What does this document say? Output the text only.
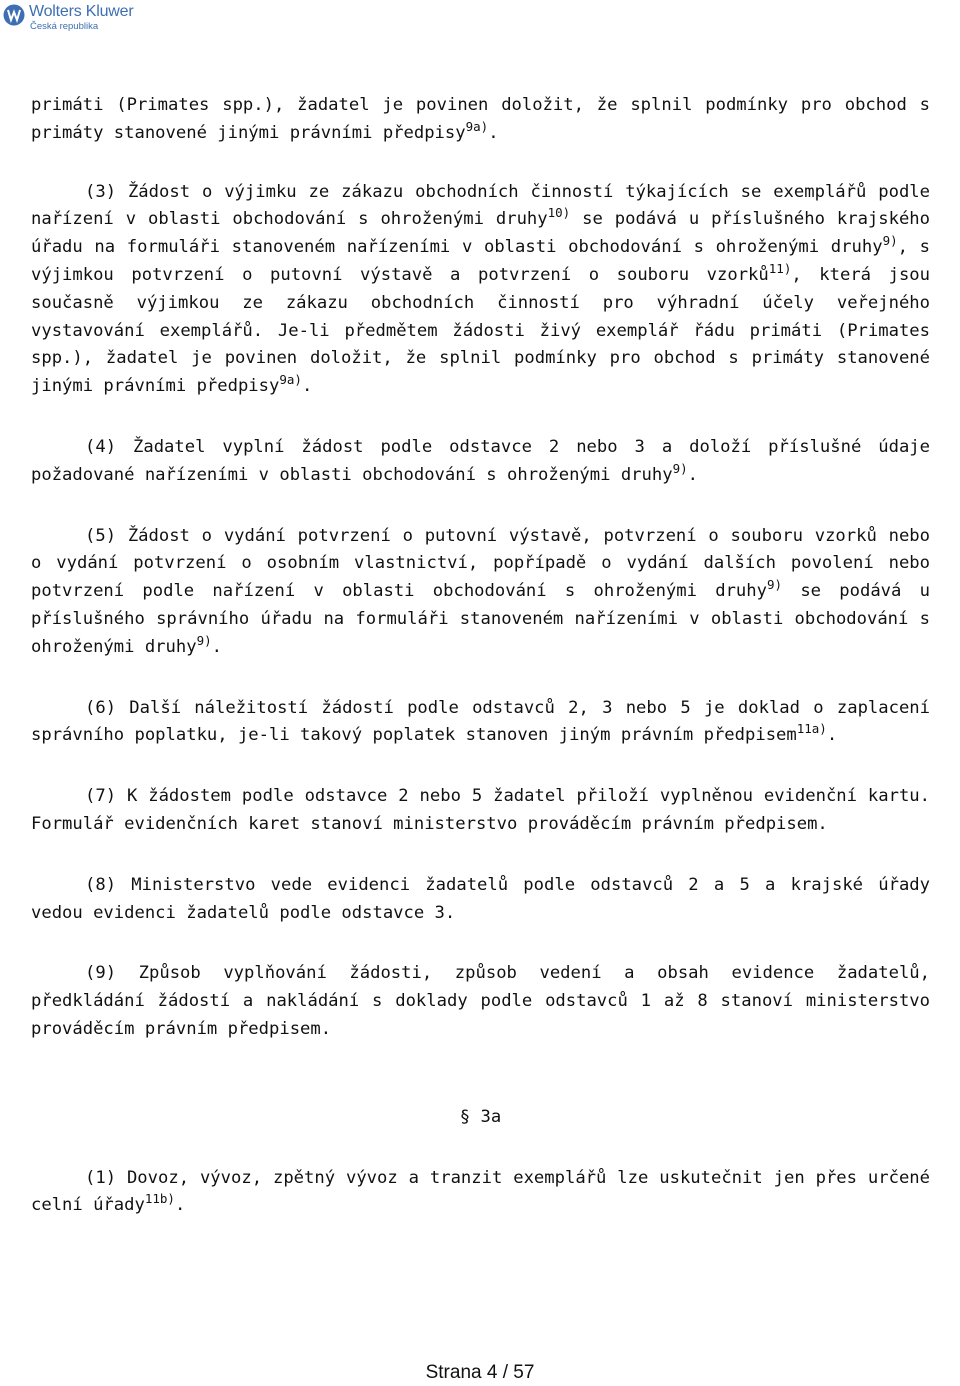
Wolters Kluwer
Česká republika

primáti (Primates spp.), žadatel je povinen doložit, že splnil podmínky pro obchod s primáty stanovené jinými právními předpisy$^{9a)}$.

(3) Žádost o výjimku ze zákazu obchodních činností týkajících se exemplářů podle nařízení v oblasti obchodování s ohroženými druhy$^{10)}$ se podává u příslušného krajského úřadu na formuláři stanoveném nařízeními v oblasti obchodování s ohroženými druhy$^{9)}$, s výjimkou potvrzení o putovní výstavě a potvrzení o souboru vzorků$^{11)}$, která jsou současně výjimkou ze zákazu obchodních činností pro výhradní účely veřejného vystavování exemplářů. Je-li předmětem žádosti živý exemplář řádu primáti (Primates spp.), žadatel je povinen doložit, že splnil podmínky pro obchod s primáty stanovené jinými právními předpisy$^{9a)}$.

(4) Žadatel vyplní žádost podle odstavce 2 nebo 3 a doloží příslušné údaje požadované nařízeními v oblasti obchodování s ohroženými druhy$^{9)}$.

(5) Žádost o vydání potvrzení o putovní výstavě, potvrzení o souboru vzorků nebo o vydání potvrzení o osobním vlastnictví, popřípadě o vydání dalších povolení nebo potvrzení podle nařízení v oblasti obchodování s ohroženými druhy$^{9)}$ se podává u příslušného správního úřadu na formuláři stanoveném nařízeními v oblasti obchodování s ohroženými druhy$^{9)}$.

(6) Další náležitostí žádostí podle odstavců 2, 3 nebo 5 je doklad o zaplacení správního poplatku, je-li takový poplatek stanoven jiným právním předpisem$^{11a)}$.

(7) K žádostem podle odstavce 2 nebo 5 žadatel přiloží vyplněnou evidenční kartu. Formulář evidenčních karet stanoví ministerstvo prováděcím právním předpisem.

(8) Ministerstvo vede evidenci žadatelů podle odstavců 2 a 5 a krajské úřady vedou evidenci žadatelů podle odstavce 3.

(9) Způsob vyplňování žádosti, způsob vedení a obsah evidence žadatelů, předkládání žádostí a nakládání s doklady podle odstavců 1 až 8 stanoví ministerstvo prováděcím právním předpisem.

§ 3a

(1) Dovoz, vývoz, zpětný vývoz a tranzit exemplářů lze uskutečnit jen přes určené celní úřady$^{11b)}$.

Strana 4 / 57
